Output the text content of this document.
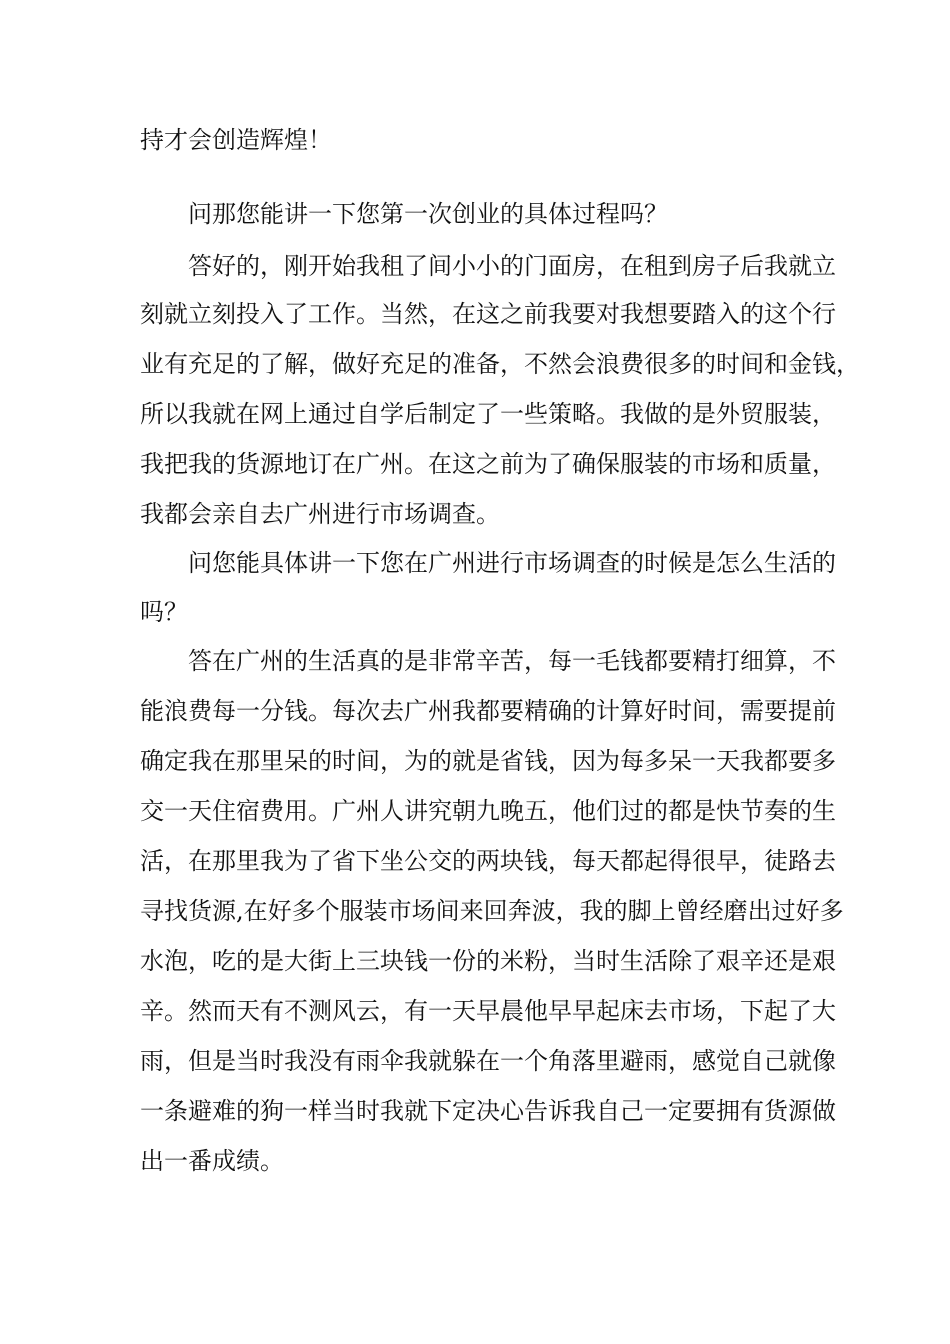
持才会创造辉煌！
问那您能讲一下您第一次创业的具体过程吗？
答好的，刚开始我租了间小小的门面房，在租到房子后我就立
刻就立刻投入了工作。当然，在这之前我要对我想要踏入的这个行
业有充足的了解，做好充足的准备，不然会浪费很多的时间和金钱，
所以我就在网上通过自学后制定了一些策略。我做的是外贸服装，
我把我的货源地订在广州。在这之前为了确保服装的市场和质量，
我都会亲自去广州进行市场调查。
问您能具体讲一下您在广州进行市场调查的时候是怎么生活的
吗？
答在广州的生活真的是非常辛苦，每一毛钱都要精打细算，不
能浪费每一分钱。每次去广州我都要精确的计算好时间，需要提前
确定我在那里呆的时间，为的就是省钱，因为每多呆一天我都要多
交一天住宿费用。广州人讲究朝九晚五，他们过的都是快节奏的生
活，在那里我为了省下坐公交的两块钱，每天都起得很早，徒路去
寻找货源,在好多个服装市场间来回奔波，我的脚上曾经磨出过好多
水泡，吃的是大街上三块钱一份的米粉，当时生活除了艰辛还是艰
辛。然而天有不测风云，有一天早晨他早早起床去市场，下起了大
雨，但是当时我没有雨伞我就躲在一个角落里避雨，感觉自己就像
一条避难的狗一样当时我就下定决心告诉我自己一定要拥有货源做
出一番成绩。
